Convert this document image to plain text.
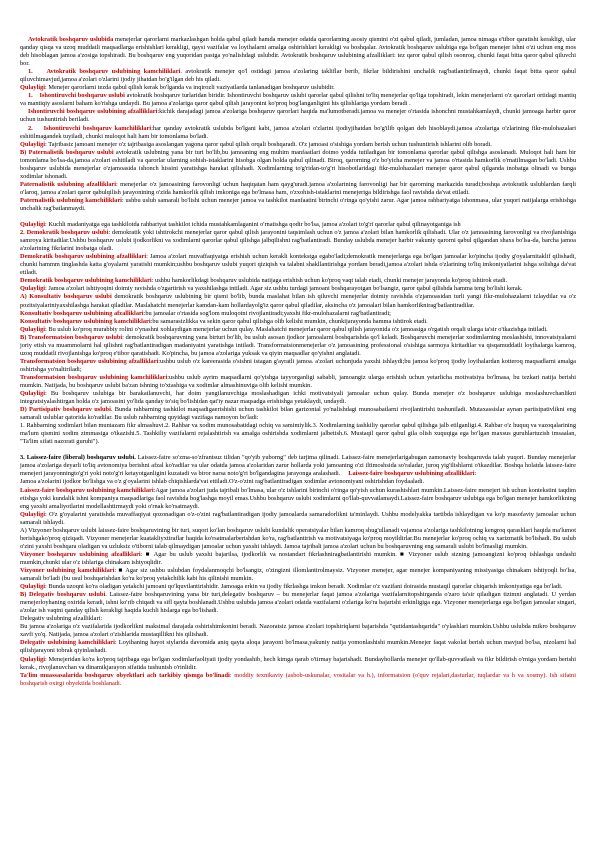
Avtokratik boshqaruv uslubida menejerlar qarorlarni markazlashgan holda qabul qiladi hamda menejer odatda qarorlarning asosiy qismini o'zi qabul qiladi, jumladan, jamoa nimaga e'tibor qaratishi kerakligi, ular qanday qisqa va uzoq muddatli maqsadlarga erishishlari kerakligi, qaysi vazifalar va loyihalarni amalga oshirishlari kerakligi va boshqalar. Avtokratik boshqaruv uslubiga ega bo'lgan menejer ishni o'zi uchun eng mos deb hisoblagan jamoa a'zosiga topshiradi. Bu boshqaruv eng yuqoridan pastga yo'nalishdagi uslubdir. Avtokratik boshqaruv uslubining afzalliklari: tez qaror qabul qilish osonroq, chunki faqat bitta qaror qabul qiluvchi bor.

1. Avtokratik boshqaruv uslubining kamchiliklari. avtokratik menejer qo'l ostidagi jamoa a'zolaring takliflar berib, fikrlar bildirishini unchalik rag'batlantirilmaydi, chunki faqat bitta qaror qabul qiluvchimavjud,jamoa a'zolari o'zlarini ijodiy jihatdan bo'g'ilgan deb his qiladi.

Qulayligi: Menejer qarorlarni tezda qabul qilish kerak bo'lganda va inqirozli vaziyatlarda tanlanadigan boshqaruv uslubidir.

1. Ishontiruvchi boshqaruv uslubi avtokratik boshqaruv turlaridan biridir. Ishontiruvchi boshqaruv uslubi qarorlar qabul qilishni to'liq menejerlar qo'liga topshiradi, lekin menejerlarni o'z qarorlari ortidagi mantiq va mantiqiy asoslarni baham ko'rishga undaydi. Bu jamoa a'zolariga qaror qabul qilish jarayonini ko'proq bog'langanligini his qilishlariga yordam beradi .

Ishontiruvchi boshqaruv uslubining afzalliklari:kichik darajadagi jamoa a'zolariga boshqaruv qarorlari haqida ma'lumotberadi.jamoa va menejer o'rtasida ishonchni mustahkamlaydi, chunki jamoaga harbir qaror uchun tushuntirish beriladi.

2. Ishontiruvchi boshqaruv kamchiliklari:har qanday avtokratik uslubda bo'lgani kabi, jamoa a'zolari o'zlarini ijodiyjihatdan bo'g'ilib qolgan deb hisoblaydi.jamoa a'zolariga o'zlarining fikr-mulohazalari eshitilmagandek tuyiladi, chunki muloqot hali ham bir tomonlama bo'ladi.

Qulayligi: Tajribasiz jamoani menejer o'z tajribasiga asoslangan yagona qaror qabul qilish orqali boshqaradi. O'z jamoasi o'sishiga yordam berish uchun tushuntirish ishlarini olib boradi.

B) Paternalistik boshqaruv uslubi avtokratik uslubning yana bir turi bo'lib,bu jamoaning eng muhim manfaatlari doimo yodda tutiladigan bir tomonlama qarorlar qabul qilishga asoslanadi. Muloqot hali ham bir tomonlama bo'lsa-da,jamoa a'zolari eshitiladi va qarorlar ularning sohish-istaklarini hisobga olgan holda qabul qilinadi. Biroq, qarorning o'z bo'yicha menejer va jamoa o'rtasida hamkorlik o'rnatilmagan bo'ladi. Ushbu boshqaruv uslubida menejerlar o'zjamoasida ishonch hissini yaratishga harakat qilishadi. Xodimlarning to'g'ridan-to'g'ri hisobotlaridagi fikr-mulohazalari menejer qaror qabul qilganda inobatga olinadi va bunga xodimlar ishonadi.

Paternalistik uslubning afzalliklari: menejerlar o'z jamoasining farovonligi uchun haqiqatan ham qayg'uradi.jamoa a'zolarining farovonligi har bir qarorning markazida turadi;boshqa avtokratik uslublardan farqli o'laroq, jamoa a'zolari qaror qabulqilish jarayonining o'zida hamkorlik qilish imkoniga ega bo'lmasa ham, o'zxohish-istaklarini menejeriga bildirishga faol ravishda da'vat etiladi.

Paternalistik uslubning kamchiliklari: ushbu uslub samarali bo'lishi uchun menejer jamoa va tashkilot manfaatini birinchi o'ringa qo'yishi zarur. Agar jamoa rahbariyatga ishonmasa, ular yuqori natijalarga erishishga unchalik rag'batlanmaydi.

Qulayligi: Kuchli madaniyatga ega tashkilotda rahbariyat tashkilot ichida mustahkamlaganini o'rnatishga qodir bo'lsa, jamoa a'zolari to'g'ri qarorlar qabul qilinayotganiga ish

2. Demokratik boshqaruv uslubi: demokratik yoki ishtirokchi menejerlar qaror qabul qilish jarayonini taqsimlash uchun o'z jamoa a'zolari bilan hamkorlik qilishadi. Ular o'z jamoasining farovonligi va rivojlanishiga samroya kiritadilar.Ushbu boshqaruv uslubi ijodkorlikni va xodimlarni qarorlar qabul qilishga jalbqilishni rag'batlantiradi. Bunday uslubda menejer harbir vakuniy qarorni qabul qilgandan shaxs bo'lsa-da, barcha jamoa a'zolarining fikrlarini inobatga oladi.

Demokratik boshqaruv uslubining afzalliklari: Jamoa a'zolari muvaffaqiyatga erishish uchun kerakli kontekstga egabo'ladi;demokratik menejerlarga ega bo'lgan jamoalar ko'pincha ijodiy g'oyalarnitaklif qilishadi, chunki hammm tinglashda katta g'oyalarni yaratishi mumkin;ushbu boshqaruv uslubi yuqori qiziqish va talabni shakllantirishga yordam beradi,jamoa a'zolari ishda o'zlarining to'liq imkoniyatlarini ishga solishga da'vat etiladi.

Demokratik boshqaruv uslubining kamchiliklari: ushbu hamkorlikdagi boshqaruv uslubida natijaga erishish uchun ko'proq vaqt talab etadi, chunki menejer jarayonda ko'proq ishtirok etadi.

Qulayligi: Jamoa a'zolari ishtiyoqini doimiy ravishda o'zgartirish va yaxshilashga intiladi. Agar siz ushbu turdagi jamoani boshqarayotgan bo'lsangiz, qaror qabul qilishda hamma teng bo'lishi kerak.

A) Konsultativ boshqaruv uslubi demokratik boshqaruv uslubining bir qismi bo'lib, bunda maslahat bilan ish qiluvchi menejerlar doimiy ravishda o'zjamoasidan turli yangi fikr-mulohazalarni izlaydilar va o'z pozitsiyalariniyaxshilashga harakat qiladilar. Maslahatchi menejerlar kamdan-kam hollardayolg'iz qaror qabul qiladilar, aksincha o'z jamoalari bilan hamkorliknirag'batlantiradilar.

Konsultativ boshqaruv uslubining afzalliklari:bu jamoalar o'rtasida sog'lom muloqotni rivojlantiradi;yaxshi fikr-mulohazalarni rag'batlantiradi;

Konsultativ boshqaruv uslubining kamchiliklari:bu samarasizlikka va sekin qaror qabul qilishga olib kelishi mumkin, chunkijarayonda hamma ishtirok etadi.

Qulayligi: Bu uslub ko'proq murabbiy rolini o'ynashni xohlaydigan menejerlar uchun qulay. Maslahatchi menejerlar qaror qabul qilish jarayonida o'z jamoasiga o'rgatish orqali ularga ta'sir o'tkazishga intiladi.

B) Transformatsion boshqaruv uslubi: demokratik boshqaruvning yana birturi bo'lib, bu uslub asosan ijodkor jamoalarni boshqarishda qo'l keladi. Boshqaruvchi menejerlar xodimlarning moslashishi, innovatsiyalarni joriy etish va muammolarni hal qilishni rag'batlantiradigan madaniyatni yaratishga intiladi. Transformatsionmenejerlar o'z jamoasining professional o'sishiga sarmoya kiritadilar va qisqamuddatli loyihalarga kamroq, uzoq muddatli rivojlanishga ko'proq e'tibor qaratishadi. Ko'pincha, bu jamoa a'zolariga yuksak va qiyin maqsadlar qo'yishni anglatadi.

Transformatsion boshqaruv uslubining afzalliklari:ushbu uslub o'z kareerasida o'sishni istagan g'ayratli jamoa. a'zolari uchunjuda yaxshi ishlaydi;bu jamoa ko'proq ijodiy loyihalardan kotteroq maqsadlarni amalga oshirishga yo'naltiriladi;

Transformatsion boshqaruv uslubining kamchiliklari:ushbu uslub ayrim maqsadlarni qo'yishga tayyorganligi sababli, jamoangiz ularga erishish uchun yetarlicha motivatsiya bo'lmasa, bu tezkari natija berishi mumkin. Natijada, bu boshqaruv uslubi ba'zan ishning to'xtashiga va xodimlar almashinuviga olib kelishi mumkin.

Qulayligi: Bu boshqaruv uslubiga bir barakatlanuvchi, har doim yangilanuvchiga moslashadigan ichki motivatsiyali jamoalar uchun qulay. Bunda menejer o'z boshqaruv uslubiga moslashuvchanlikni integratsiyalashtirgan holda o'z jamoasini yo'lida qanday to'siq bo'lishidan qat'iy nazar maqsadga erishishga yetaklaydi, undaydi.

D) Partisipativ boshqaruv uslubi. Bunda rahbarning tashkilot maqsadigaerishishi uchun tashkilot bilan garizontal yo'nalishdagi munosabatlarni rivojlantirishi tushuniladi. Mutaxassislar aynan partisipativlikni eng samarali uslublar qatorida ko'radilar. Bu uslub rahbarning quyidagi vazifaga namoyon bo'ladi:

1. Rahbarning xodimlari bilan muntazam fikr almashuvi.2. Rahbar va xodim munosabatidagi ochiq va samimiylik.3. Xodimlarning tashkiliy qarorlar qabul qilishga jalb etilganligi.4. Rahbar o'z huquq va vazoqalarining ma'lum qismini xodim zimmasiga o'tkazishi.5. Tashkiliy vazifalarni rejalashtirish va amalga oshirishda xodimlarni jalbetish.6. Mustaqil qaror qabul gila olish xuquqiga ega bo'lgan maxsus guruhlartuzish imsaalan, "Ta'lim sifati nazorati guruhi").

3. Laissez-faire (liberal) boshqaruv uslubi. Laissez-faire so'zma-so'zfrantsuz tilidan "qo'yib yuborng" deb tarjima qilinadi. Laissez-faire menejerlarigabugan zamonaviy boshqaruvda talab yuqori. Bunday menejerlar jamoa a'zolariga deyarli to'liq avtonomiya berishni afzal ko'radilar va ular odatda jamoa a'zolaridan zarur hollarda yoki jamoaning o'zi iltimoshsida so'raladar, juroq yig'ilishlarni o'tkazdilar. Boshqa holatda laissez-faire menejeri jarayonningto'g'ri yoki noto'g'ri ketayotganligini kuzatadi va biror narsa noto'g'ri bo'lgandagina jarayonga aralashadi. Laissez-faire boshqaruv uslubining afzalliklari:

Jamoa a'zolarini ijodkor bo'lishga va o'z g'oyalarini ishlab chiqishlarda'vat ettiladi.O'z-o'zini rag'batlantiradigan xodimlar avtonomiyani oshirishdan foydaaladi.

Laissez-faire boshqaruv uslubining kamchiliklari:Agar jamoa a'zolari juda tajribali bo'lmasa, ular o'z ishlarini birinchi o'ringa qo'yish uchun kurashishlari mumkin.Laissez-faire menejeri ish uchun kontekstini taqdim etishga yoki kundalik ishni kompaniya maqsadlariga faol ravishda bog'lashga moyil emas.Ushbu boshqaruv uslubi xodimlarni qo'llab-quvvatlamaydi.Laissez-faire boshqaruv uslubiga ega bo'lgan menejer hamkorlikning eng yaxshi amaliyotlarini modellashtirmaydi yoki o'rnak ko'rsatmaydi.

Qulayligi: O'z g'oyalarini yaratishda muvaffaqiyat qozonadigan o'z-o'zini rag'batlantiradigan ijodiy jamoalarda samaradorlikni ta'minlaydi. Ushbu modelyakka tartibda ishlaydigan va ko'p masofaviy jamoalar uchun samarali ishlaydi.

A) Vizyoner boshqaruv uslubi laissez-faire boshqaruvining bir turi, suqori ko'lan boshqaruv uslubi kundalik operatsiyalar bilan kamroq shug'ullanadi vajamoa a'zolariga tashkilotning kengroq qarashlari haqida ma'lumot berishgako'proq qiziqadi. Vizyoner menejerlar kuatakliyxtiraflar haqida ko'rsatmalarberishdan ko'ra, rag'batlantirish va motivatsiyaga ko'proq moyildirlar.Bu menejerlar ko'proq ochiq va xarizmatik bo'lishadi. Bu uslub o'zini yaxshi boshqara oladigan va uzluksiz o'tiborni talab qilmaydigan jamoalar uchun yaxshi ishlaydi. Jamoa tajribali jamoa a'zolari uchun bu boshqaruvning eng samarali uslubi bo'lmasligi mumkin.

Vizyoner boshqaruv uslubining afzalliklari: ■ Agar bu uslub yaxshi bajarilsa, ijodkorlik va nostandart fikrlashniragbatlantirishi mumkin. ■ Vizyoner uslub sizning jamoangizni ko'proq ishlashga undashi mumkin,chunki ular o'z ishlariga chinakam ishtyoqlidir.

Vizyoner uslubining kamchiliklari: ■ Agar siz ushbu uslubdan foydalanmoqchi bo'lsangiz, o'zingizni illomlantirolmaysiz. Vizyoner menejer, agar menejer kompaniyaning missiyasiga chinakam ishtiyoqli bo'lsa, samarali bo'ladi (bu usul boshqarishdan ko'ra ko'proq yetakchilik kabi his qilinishi mumkin.

Qulayligi: Bunda uzoqni ko'ra oladigan yetakchi jamoani qo'lquvtlantirishidir. Jamoaga erkin va ijodiy fikrlashga imkon beradi. Xodimlar o'z vazifani doirasida mustaqil qarorlar chiqarish imkoniyatiga ega bo'ladi.

B) Delegativ boshqaruv uslubi. Laissez-faire boshqaruvining yana bir turi,delegativ boshqaruv – bu menejerlar faqat jamoa a'zolariga vazifalarnitopshirganda o'zaro ta'sir qiladigan tizimni anglatadi. U yerdan menejerloyhaning oxirida keradi, ishni ko'rib chiqadi va sifl qayta boshlanadi.Ushbu uslubda jamoa a'zolari odatda vazifalarni o'zlariga ko'ra bajarishi erkinligiga ega. Vizyoner menejerlarga ega bo'lgan jamoalar singari, a'zolar ish vaqtni qanday qilish kerakligi haqida kuchli hislarga ega bo'lishadi.

Delegativ uslubning afzalliklari:

Bu jamoa a'zolariga o'z vazifalarida ijodkorlikni maksimal darajada oshirishimkonini beradi. Nazoratsiz jamoa a'zolari topshiriqlarni bajarishda "qutidantashqarida" o'ylashlari mumkin.Ushbu uslubda mikro boshqaruv xavfi yo'q. Natijada, jamoa a'zolari o'zishlarida mustaqillikni his qilishadi.

Delegativ uslubining kamchiliklari: Loyihaning hayot siylarida davomida aniq qayta aloqa jarayoni bo'lmasa,yakuniy natija yomonlashishi mumkin.Menejer faqat vakolat berish uchun mavjud bo'lsa, nizolarni hal qilishjarayoni tobrak qiyinlashadi.

Qulayligi: Menejeridan ko'ra ko'proq tajribaga ega bo'lgan xodimlarfaoliyati ijodiy yondashib, hech kimga qarab o'tirmay bajarishadi. Bundayhollarda menejer qo'llab-quvvatlash va fikr bildirish o'rniga yordam berishi kerak., rivojlanuvchan va dinamikjarayon sifatida tushunish o'rinlidir.

Ta'lim muassasalarida boshqaruv obyektlari ach tarkibiy qismga bo'linadi: moddiy texnikaviy (asbob-uskunalar, vositalar va h.), informatsion (o'quv rejalari,dasturlar, tuqlardar va h va xosmy). Ish sifatni boshqarish oxirgi obyektida boshlanadi.
